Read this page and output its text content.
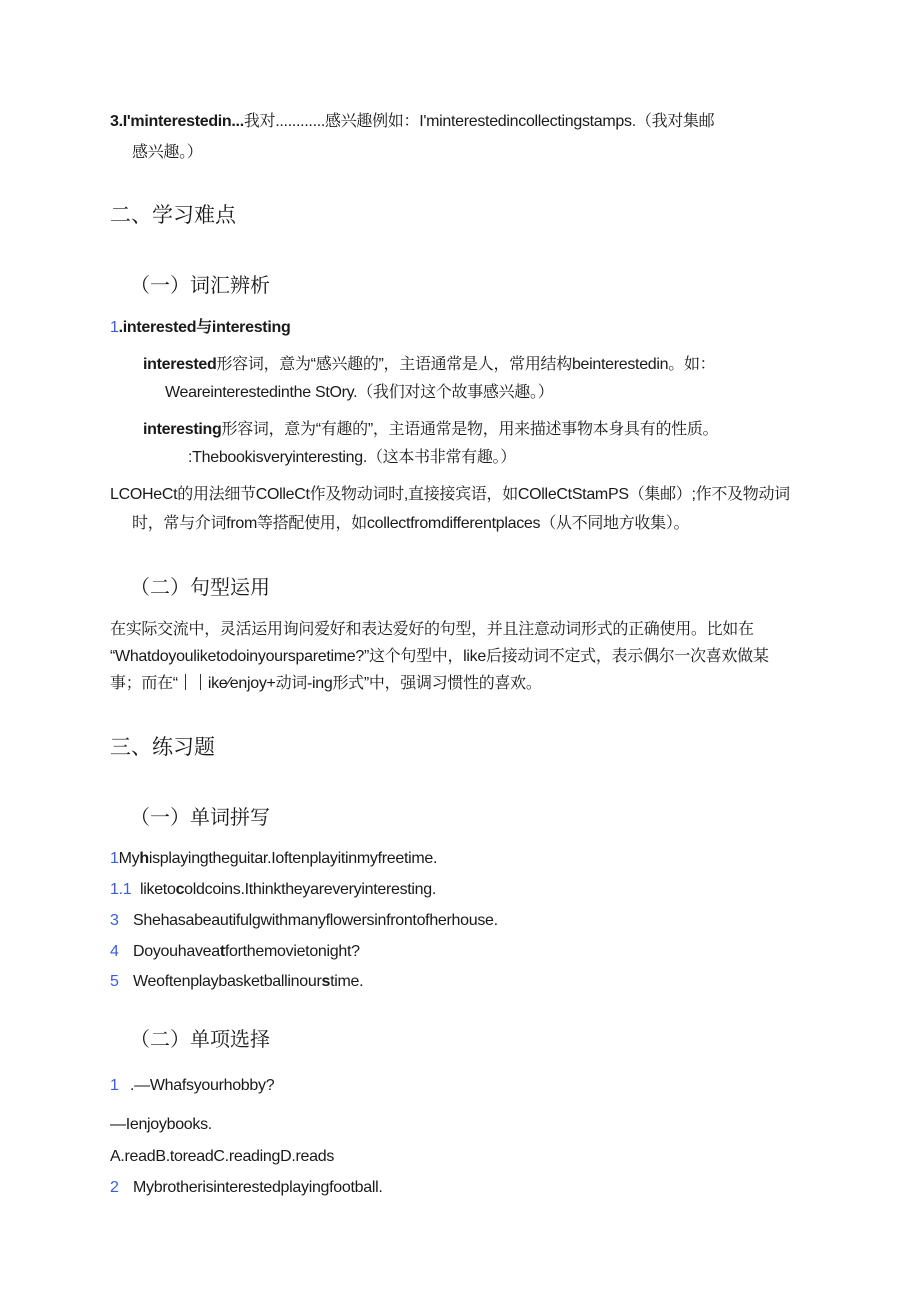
3.I'minterestedin...我对............感兴趣例如：I'minterestedincollectingstamps.（我对集邮
感兴趣。）
二、学习难点
（一）词汇辨析
1.interested与interesting
interested形容词，意为“感兴趣的”，主语通常是人，常用结构beinterestedin。如：
Weareinterestedinthe StOry.（我们对这个故事感兴趣。）
interesting形容词，意为“有趣的”，主语通常是物，用来描述事物本身具有的性质。
:Thebookisveryinteresting.（这本书非常有趣。）
LCOHeCt的用法细节COlleCt作及物动词时,直接接宾语，如COlleCtStamPS（集邮）;作不及物动词
时，常与介词from等搭配使用，如collectfromdifferentplaces（从不同地方收集）。
（二）句型运用
在实际交流中，灵活运用询问爱好和表达爱好的句型，并且注意动词形式的正确使用。比如在
“Whatdoyouliketodoinyoursparetime?”这个句型中，like后接动词不定式，表示偶尔一次喜欢做某
事；而在“ ike⁄enjoy+动词-ing形式”中，强调习惯性的喜欢。
三、练习题
（一）单词拼写
1Myhisplayingtheguitar.Ioftenplayitinmyfreetime.
1.1 liketocoldcoins.Ithinktheyareveryinteresting.
3 Shehasabeautifulgwithmanyflowersinfrontofherhouse.
4 Doyouhaveatforthemovietonight?
5 Weoftenplaybasketballinourstime.
（二）单项选择
1 .—Whafsyourhobby?
—Ienjoybooks.
A.readB.toreadC.readingD.reads
2 Mybrotherisinterestedplayingfootball.
